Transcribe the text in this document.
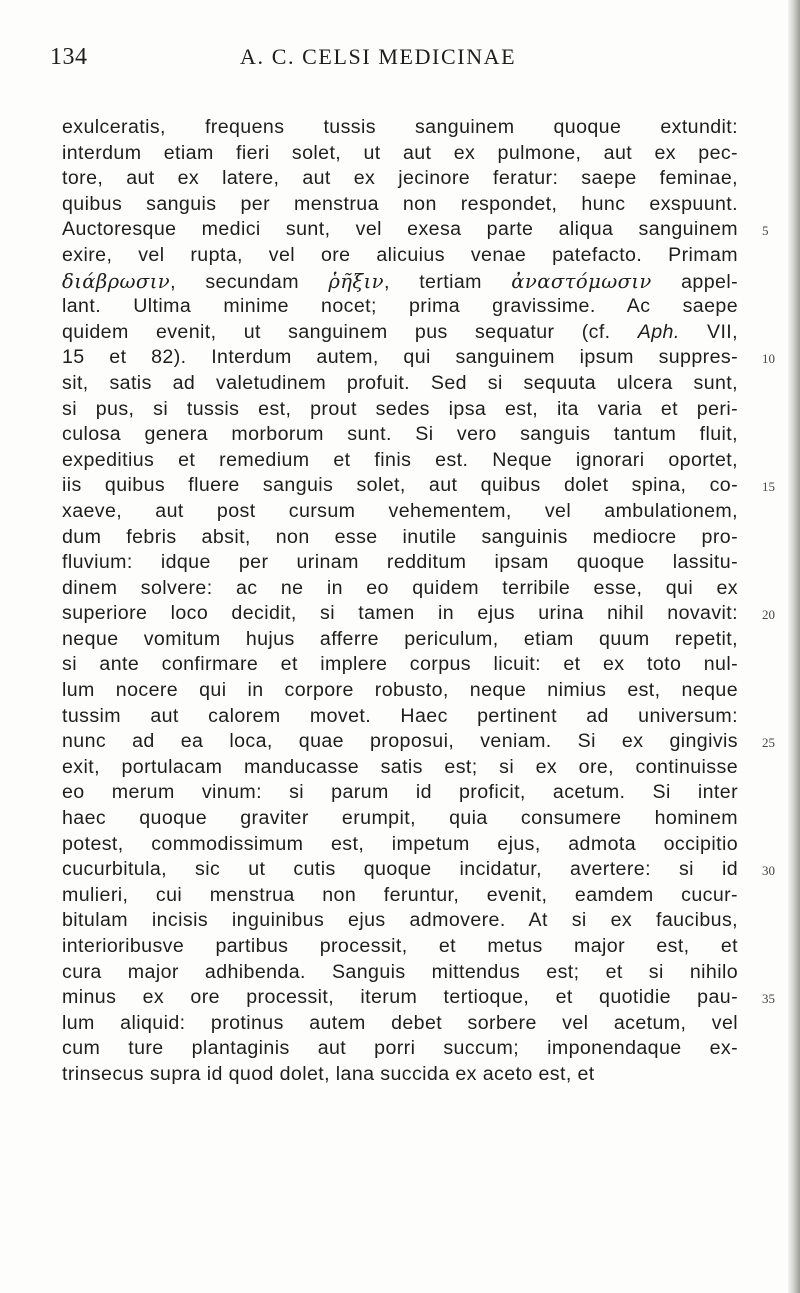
134	A. C. CELSI MEDICINAE
exulceratis, frequens tussis sanguinem quoque extundit:
interdum etiam fieri solet, ut aut ex pulmone, aut ex pec-
tore, aut ex latere, aut ex jecinore feratur: saepe feminae,
quibus sanguis per menstrua non respondet, hunc exspuunt.
Auctoresque medici sunt, vel exesa parte aliqua sanguinem
exire, vel rupta, vel ore alicuius venae patefacto. Primam
διάβρωσιν, secundam ῥῆξιν, tertiam ἀναστόμωσιν appel-
lant. Ultima minime nocet; prima gravissime. Ac saepe
quidem evenit, ut sanguinem pus sequatur (cf. Aph. VII,
15 et 82). Interdum autem, qui sanguinem ipsum suppres-
sit, satis ad valetudinem profuit. Sed si sequuta ulcera sunt,
si pus, si tussis est, prout sedes ipsa est, ita varia et peri-
culosa genera morborum sunt. Si vero sanguis tantum fluit,
expeditius et remedium et finis est. Neque ignorari oportet,
iis quibus fluere sanguis solet, aut quibus dolet spina, co-
xaeve, aut post cursum vehementem, vel ambulationem,
dum febris absit, non esse inutile sanguinis mediocre pro-
fluvium: idque per urinam redditum ipsam quoque lassitu-
dinem solvere: ac ne in eo quidem terribile esse, qui ex
superiore loco decidit, si tamen in ejus urina nihil novavit:
neque vomitum hujus afferre periculum, etiam quum repetit,
si ante confirmare et implere corpus licuit: et ex toto nul-
lum nocere qui in corpore robusto, neque nimius est, neque
tussim aut calorem movet. Haec pertinent ad universum:
nunc ad ea loca, quae proposui, veniam. Si ex gingivis
exit, portulacam manducasse satis est; si ex ore, continuisse
eo merum vinum: si parum id proficit, acetum. Si inter
haec quoque graviter erumpit, quia consumere hominem
potest, commodissimum est, impetum ejus, admota occipitio
cucurbitula, sic ut cutis quoque incidatur, avertere: si id
mulieri, cui menstrua non feruntur, evenit, eamdem cucur-
bitulam incisis inguinibus ejus admovere. At si ex faucibus,
interioribusve partibus processit, et metus major est, et
cura major adhibenda. Sanguis mittendus est; et si nihilo
minus ex ore processit, iterum tertioque, et quotidie pau-
lum aliquid: protinus autem debet sorbere vel acetum, vel
cum ture plantaginis aut porri succum; imponendaque ex-
trinsecus supra id quod dolet, lana succida ex aceto est, et
5
10
15
20
25
30
35
